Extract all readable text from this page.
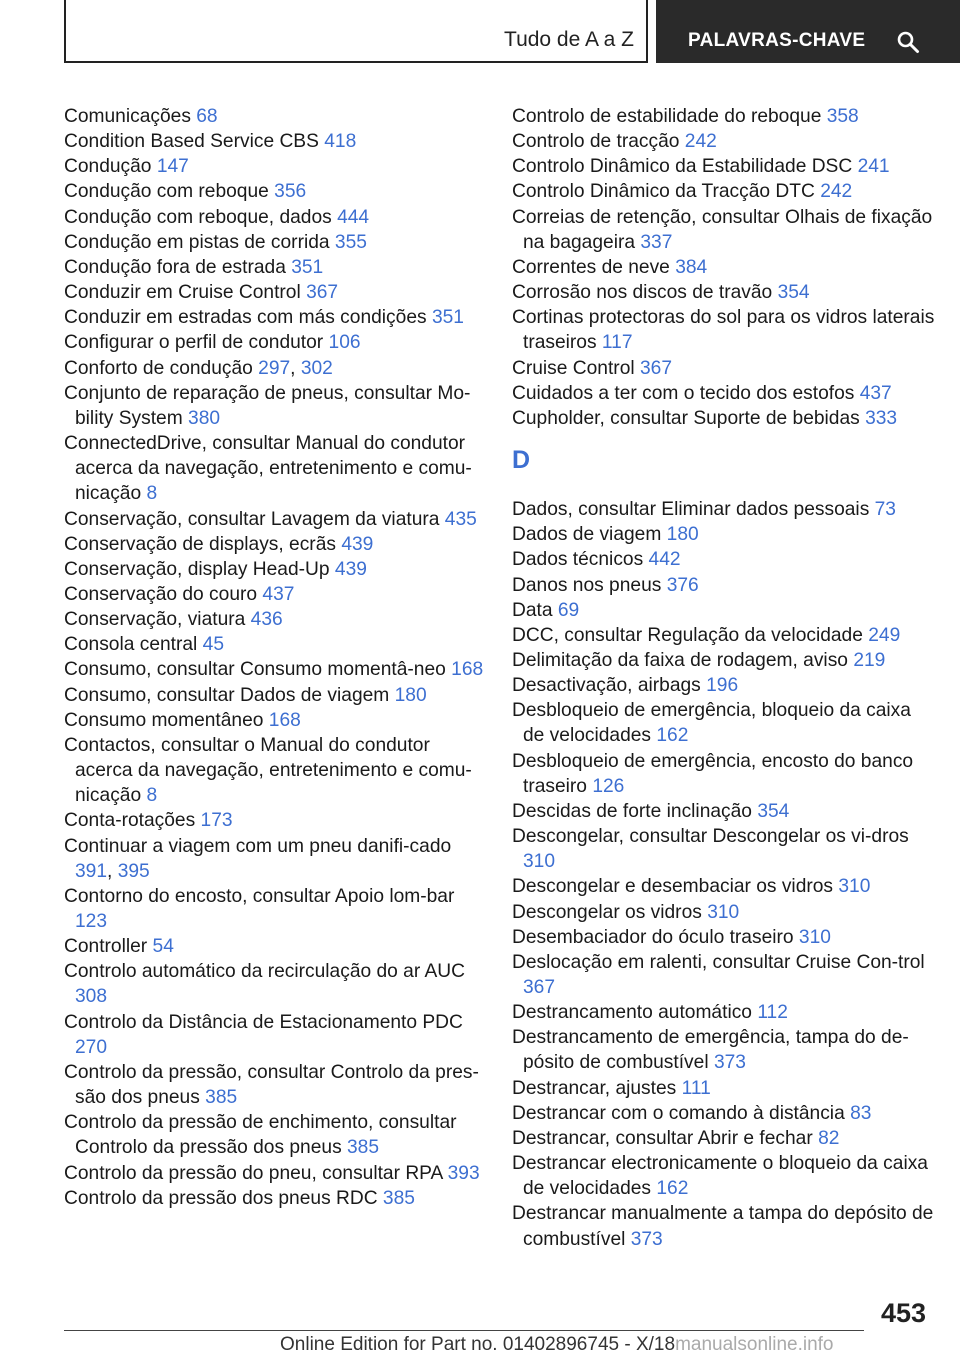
Tudo de A a Z	PALAVRAS-CHAVE
Comunicações 68
Condition Based Service CBS 418
Condução 147
Condução com reboque 356
Condução com reboque, dados 444
Condução em pistas de corrida 355
Condução fora de estrada 351
Conduzir em Cruise Control 367
Conduzir em estradas com más condições 351
Configurar o perfil de condutor 106
Conforto de condução 297, 302
Conjunto de reparação de pneus, consultar Mo-bility System 380
ConnectedDrive, consultar Manual do condutor acerca da navegação, entretenimento e comu-nicação 8
Conservação, consultar Lavagem da viatura 435
Conservação de displays, ecrãs 439
Conservação, display Head-Up 439
Conservação do couro 437
Conservação, viatura 436
Consola central 45
Consumo, consultar Consumo momentâ-neo 168
Consumo, consultar Dados de viagem 180
Consumo momentâneo 168
Contactos, consultar o Manual do condutor acerca da navegação, entretenimento e comu-nicação 8
Conta-rotações 173
Continuar a viagem com um pneu danifi-cado 391, 395
Contorno do encosto, consultar Apoio lom-bar 123
Controller 54
Controlo automático da recirculação do ar AUC 308
Controlo da Distância de Estacionamento PDC 270
Controlo da pressão, consultar Controlo da pres-são dos pneus 385
Controlo da pressão de enchimento, consultar Controlo da pressão dos pneus 385
Controlo da pressão do pneu, consultar RPA 393
Controlo da pressão dos pneus RDC 385
Controlo de estabilidade do reboque 358
Controlo de tracção 242
Controlo Dinâmico da Estabilidade DSC 241
Controlo Dinâmico da Tracção DTC 242
Correias de retenção, consultar Olhais de fixação na bagageira 337
Correntes de neve 384
Corrosão nos discos de travão 354
Cortinas protectoras do sol para os vidros laterais traseiros 117
Cruise Control 367
Cuidados a ter com o tecido dos estofos 437
Cupholder, consultar Suporte de bebidas 333
D
Dados, consultar Eliminar dados pessoais 73
Dados de viagem 180
Dados técnicos 442
Danos nos pneus 376
Data 69
DCC, consultar Regulação da velocidade 249
Delimitação da faixa de rodagem, aviso 219
Desactivação, airbags 196
Desbloqueio de emergência, bloqueio da caixa de velocidades 162
Desbloqueio de emergência, encosto do banco traseiro 126
Descidas de forte inclinação 354
Descongelar, consultar Descongelar os vi-dros 310
Descongelar e desembaciar os vidros 310
Descongelar os vidros 310
Desembaciador do óculo traseiro 310
Deslocação em ralenti, consultar Cruise Con-trol 367
Destrancamento automático 112
Destrancamento de emergência, tampa do de-pósito de combustível 373
Destrancar, ajustes 111
Destrancar com o comando à distância 83
Destrancar, consultar Abrir e fechar 82
Destrancar electronicamente o bloqueio da caixa de velocidades 162
Destrancar manualmente a tampa do depósito de combustível 373
453
Online Edition for Part no. 01402896745 - X/18manualsonline.info
